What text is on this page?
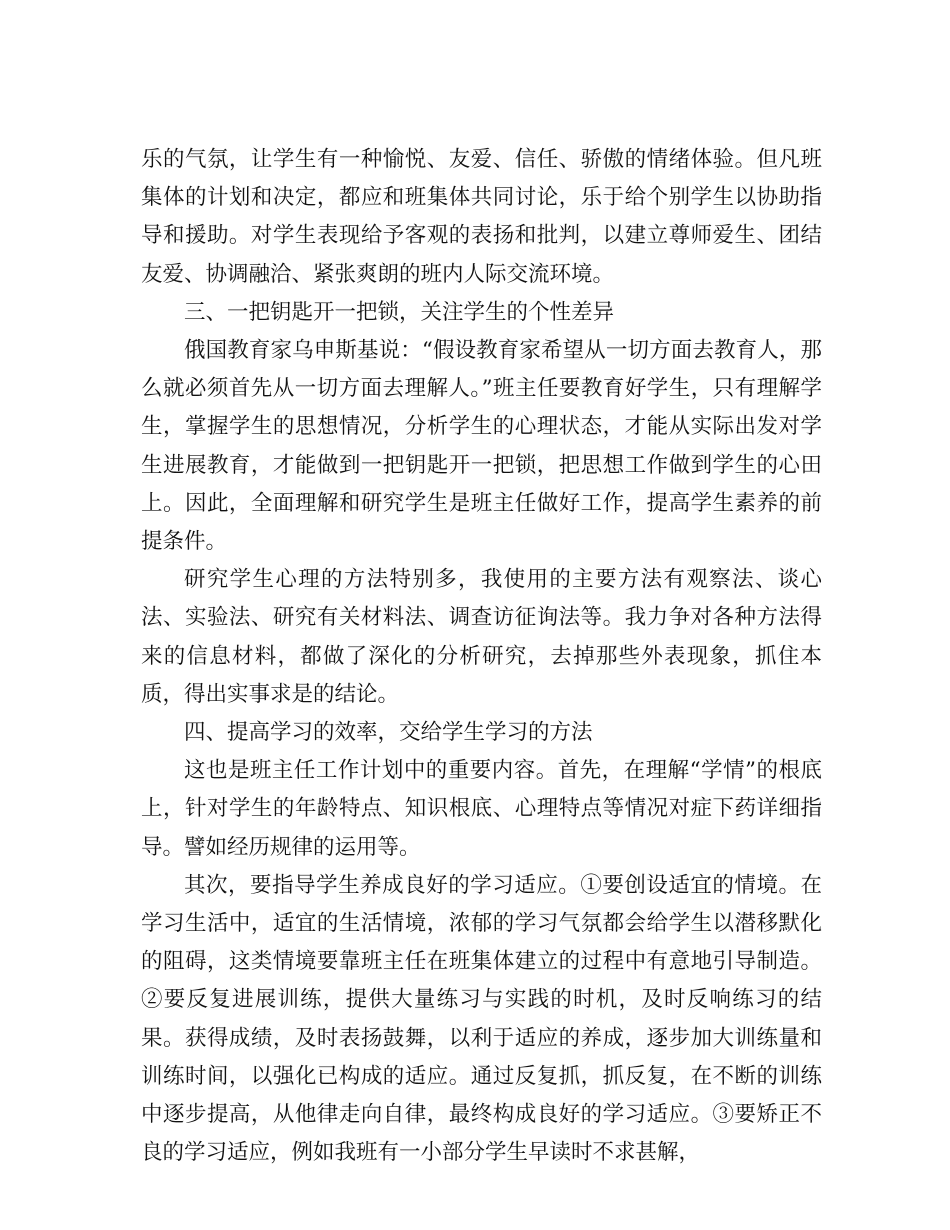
乐的气氛，让学生有一种愉悦、友爱、信任、骄傲的情绪体验。但凡班集体的计划和决定，都应和班集体共同讨论，乐于给个别学生以协助指导和援助。对学生表现给予客观的表扬和批判，以建立尊师爱生、团结友爱、协调融洽、紧张爽朗的班内人际交流环境。

三、一把钥匙开一把锁，关注学生的个性差异

俄国教育家乌申斯基说：“假设教育家希望从一切方面去教育人，那么就必须首先从一切方面去理解人。”班主任要教育好学生，只有理解学生，掌握学生的思想情况，分析学生的心理状态，才能从实际出发对学生进展教育，才能做到一把钥匙开一把锁，把思想工作做到学生的心田上。因此，全面理解和研究学生是班主任做好工作，提高学生素养的前提条件。

研究学生心理的方法特别多，我使用的主要方法有观察法、谈心法、实验法、研究有关材料法、调查访征询法等。我力争对各种方法得来的信息材料，都做了深化的分析研究，去掉那些外表现象，抓住本质，得出实事求是的结论。

四、提高学习的效率，交给学生学习的方法

这也是班主任工作计划中的重要内容。首先，在理解“学情”的根底上，针对学生的年龄特点、知识根底、心理特点等情况对症下药详细指导。譬如经历规律的运用等。

其次，要指导学生养成良好的学习适应。①要创设适宜的情境。在学习生活中，适宜的生活情境，浓郁的学习气氛都会给学生以潜移默化的阻碍，这类情境要靠班主任在班集体建立的过程中有意地引导制造。②要反复进展训练，提供大量练习与实践的时机，及时反响练习的结果。获得成绩，及时表扬鼓舞，以利于适应的养成，逐步加大训练量和训练时间，以强化已构成的适应。通过反复抓，抓反复，在不断的训练中逐步提高，从他律走向自律，最终构成良好的学习适应。③要矫正不良的学习适应，例如我班有一小部分学生早读时不求甚解，
